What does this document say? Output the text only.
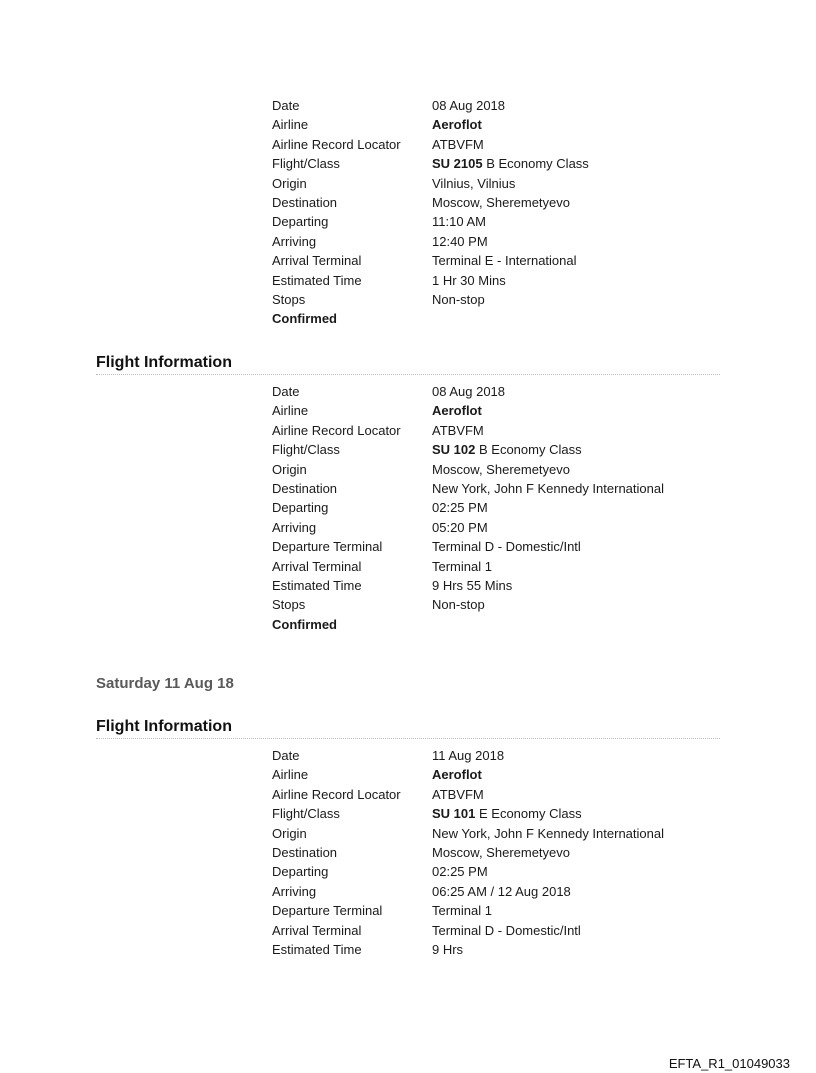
Date	08 Aug 2018
Airline	Aeroflot
Airline Record Locator ATBVFM
Flight/Class	SU 2105 B Economy Class
Origin	Vilnius, Vilnius
Destination	Moscow, Sheremetyevo
Departing	11:10 AM
Arriving	12:40 PM
Arrival Terminal	Terminal E - International
Estimated Time	1 Hr 30 Mins
Stops	Non-stop
Confirmed
Flight Information
Date	08 Aug 2018
Airline	Aeroflot
Airline Record Locator ATBVFM
Flight/Class	SU 102 B Economy Class
Origin	Moscow, Sheremetyevo
Destination	New York, John F Kennedy International
Departing	02:25 PM
Arriving	05:20 PM
Departure Terminal	Terminal D - Domestic/Intl
Arrival Terminal	Terminal 1
Estimated Time	9 Hrs 55 Mins
Stops	Non-stop
Confirmed
Saturday 11 Aug 18
Flight Information
Date	11 Aug 2018
Airline	Aeroflot
Airline Record Locator ATBVFM
Flight/Class	SU 101 E Economy Class
Origin	New York, John F Kennedy International
Destination	Moscow, Sheremetyevo
Departing	02:25 PM
Arriving	06:25 AM / 12 Aug 2018
Departure Terminal	Terminal 1
Arrival Terminal	Terminal D - Domestic/Intl
Estimated Time	9 Hrs
EFTA_R1_01049033
